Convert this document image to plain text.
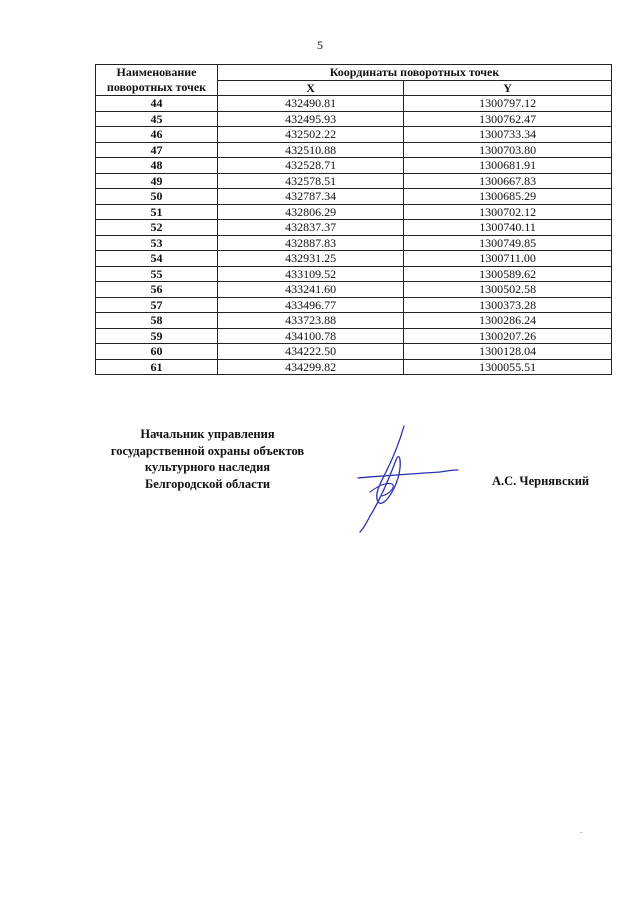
5
Наименование
поворотных точек	Координаты поворотных точек	
	X	Y
44	432490.81	1300797.12
45	432495.93	1300762.47
46	432502.22	1300733.34
47	432510.88	1300703.80
48	432528.71	1300681.91
49	432578.51	1300667.83
50	432787.34	1300685.29
51	432806.29	1300702.12
52	432837.37	1300740.11
53	432887.83	1300749.85
54	432931.25	1300711.00
55	433109.52	1300589.62
56	433241.60	1300502.58
57	433496.77	1300373.28
58	433723.88	1300286.24
59	434100.78	1300207.26
60	434222.50	1300128.04
61	434299.82	1300055.51
Начальник управления
государственной охраны объектов
культурного наследия
Белгородской области	А.С. Чернявский
